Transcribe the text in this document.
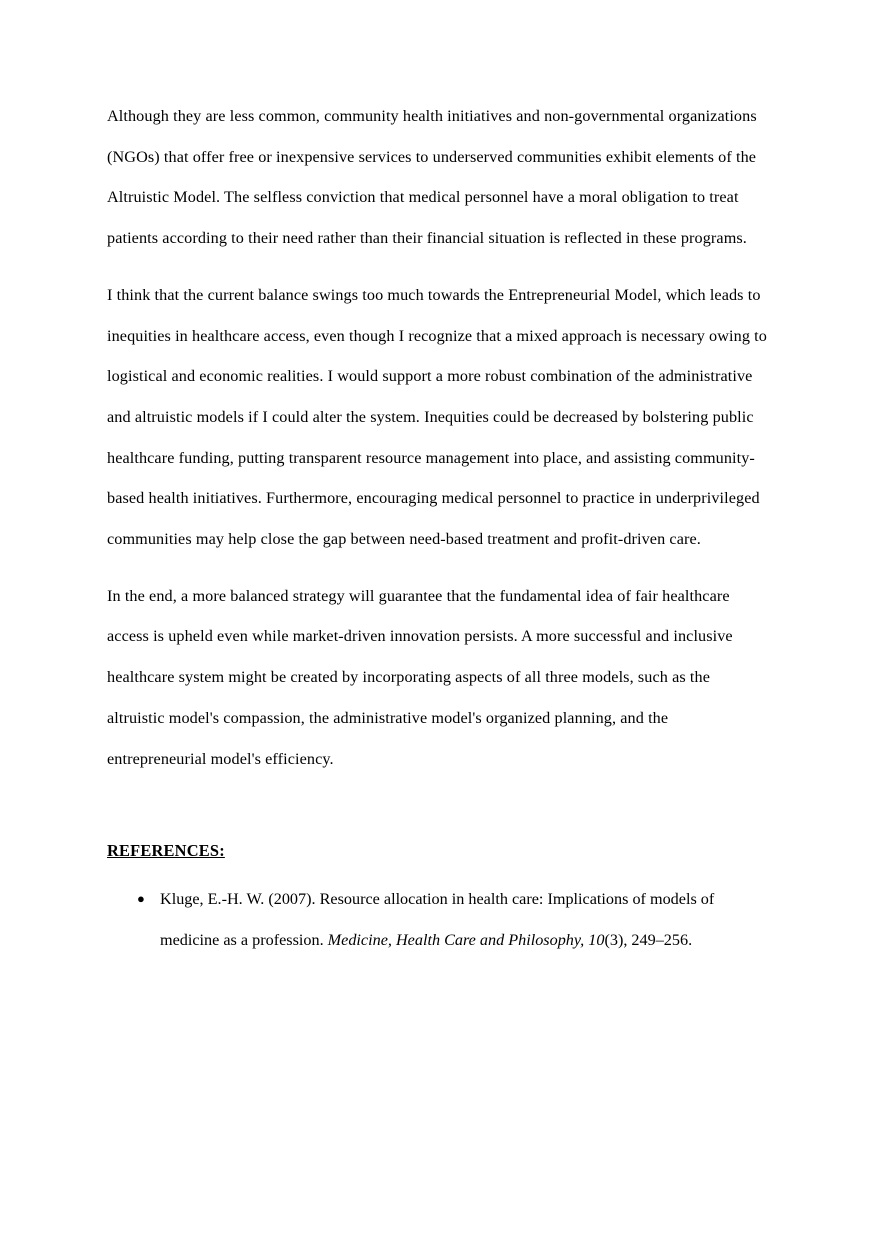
Although they are less common, community health initiatives and non-governmental organizations (NGOs) that offer free or inexpensive services to underserved communities exhibit elements of the Altruistic Model. The selfless conviction that medical personnel have a moral obligation to treat patients according to their need rather than their financial situation is reflected in these programs.

I think that the current balance swings too much towards the Entrepreneurial Model, which leads to inequities in healthcare access, even though I recognize that a mixed approach is necessary owing to logistical and economic realities. I would support a more robust combination of the administrative and altruistic models if I could alter the system. Inequities could be decreased by bolstering public healthcare funding, putting transparent resource management into place, and assisting community-based health initiatives. Furthermore, encouraging medical personnel to practice in underprivileged communities may help close the gap between need-based treatment and profit-driven care.

In the end, a more balanced strategy will guarantee that the fundamental idea of fair healthcare access is upheld even while market-driven innovation persists. A more successful and inclusive healthcare system might be created by incorporating aspects of all three models, such as the altruistic model's compassion, the administrative model's organized planning, and the entrepreneurial model's efficiency.

REFERENCES:
● Kluge, E.-H. W. (2007). Resource allocation in health care: Implications of models of medicine as a profession. Medicine, Health Care and Philosophy, 10(3), 249–256.
